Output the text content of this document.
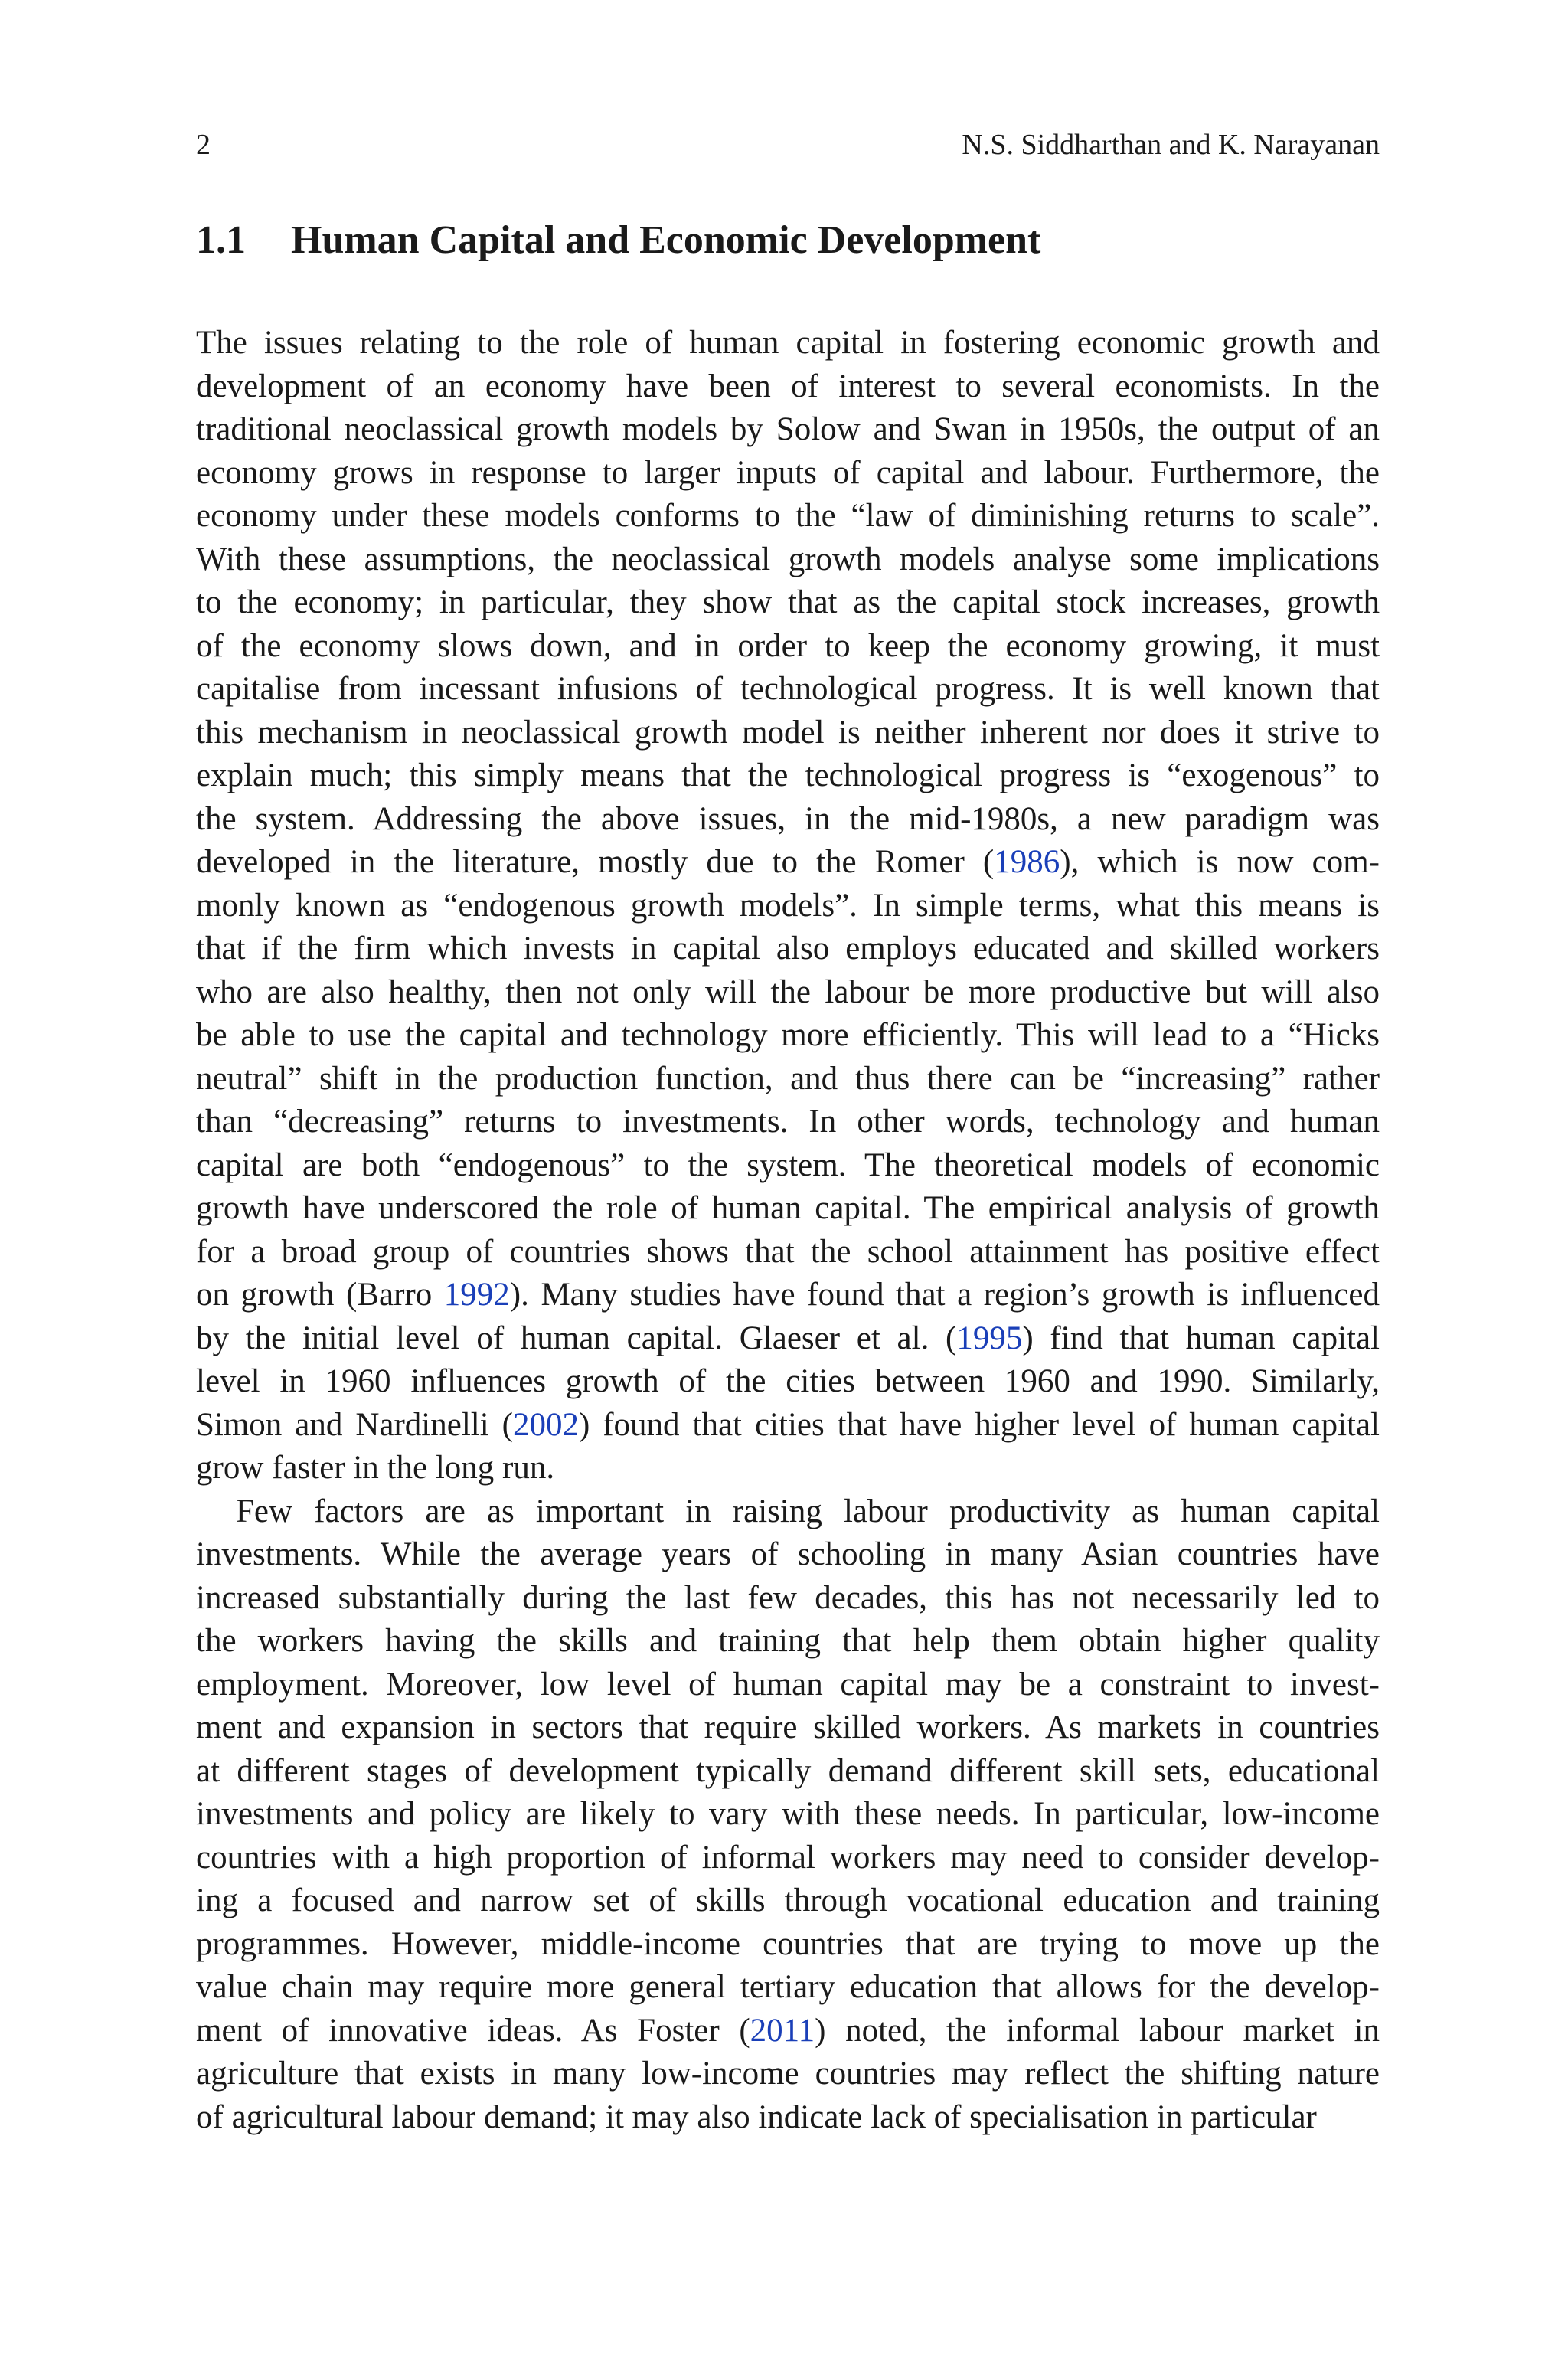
2	N.S. Siddharthan and K. Narayanan
1.1 Human Capital and Economic Development
The issues relating to the role of human capital in fostering economic growth and
development of an economy have been of interest to several economists. In the
traditional neoclassical growth models by Solow and Swan in 1950s, the output of an
economy grows in response to larger inputs of capital and labour. Furthermore, the
economy under these models conforms to the “law of diminishing returns to scale”.
With these assumptions, the neoclassical growth models analyse some implications
to the economy; in particular, they show that as the capital stock increases, growth
of the economy slows down, and in order to keep the economy growing, it must
capitalise from incessant infusions of technological progress. It is well known that
this mechanism in neoclassical growth model is neither inherent nor does it strive to
explain much; this simply means that the technological progress is “exogenous” to
the system. Addressing the above issues, in the mid-1980s, a new paradigm was
developed in the literature, mostly due to the Romer (1986), which is now com-
monly known as “endogenous growth models”. In simple terms, what this means is
that if the firm which invests in capital also employs educated and skilled workers
who are also healthy, then not only will the labour be more productive but will also
be able to use the capital and technology more efficiently. This will lead to a “Hicks
neutral” shift in the production function, and thus there can be “increasing” rather
than “decreasing” returns to investments. In other words, technology and human
capital are both “endogenous” to the system. The theoretical models of economic
growth have underscored the role of human capital. The empirical analysis of growth
for a broad group of countries shows that the school attainment has positive effect
on growth (Barro 1992). Many studies have found that a region’s growth is influenced
by the initial level of human capital. Glaeser et al. (1995) find that human capital
level in 1960 influences growth of the cities between 1960 and 1990. Similarly,
Simon and Nardinelli (2002) found that cities that have higher level of human capital
grow faster in the long run.
Few factors are as important in raising labour productivity as human capital
investments. While the average years of schooling in many Asian countries have
increased substantially during the last few decades, this has not necessarily led to
the workers having the skills and training that help them obtain higher quality
employment. Moreover, low level of human capital may be a constraint to invest-
ment and expansion in sectors that require skilled workers. As markets in countries
at different stages of development typically demand different skill sets, educational
investments and policy are likely to vary with these needs. In particular, low-income
countries with a high proportion of informal workers may need to consider develop-
ing a focused and narrow set of skills through vocational education and training
programmes. However, middle-income countries that are trying to move up the
value chain may require more general tertiary education that allows for the develop-
ment of innovative ideas. As Foster (2011) noted, the informal labour market in
agriculture that exists in many low-income countries may reflect the shifting nature
of agricultural labour demand; it may also indicate lack of specialisation in particular
